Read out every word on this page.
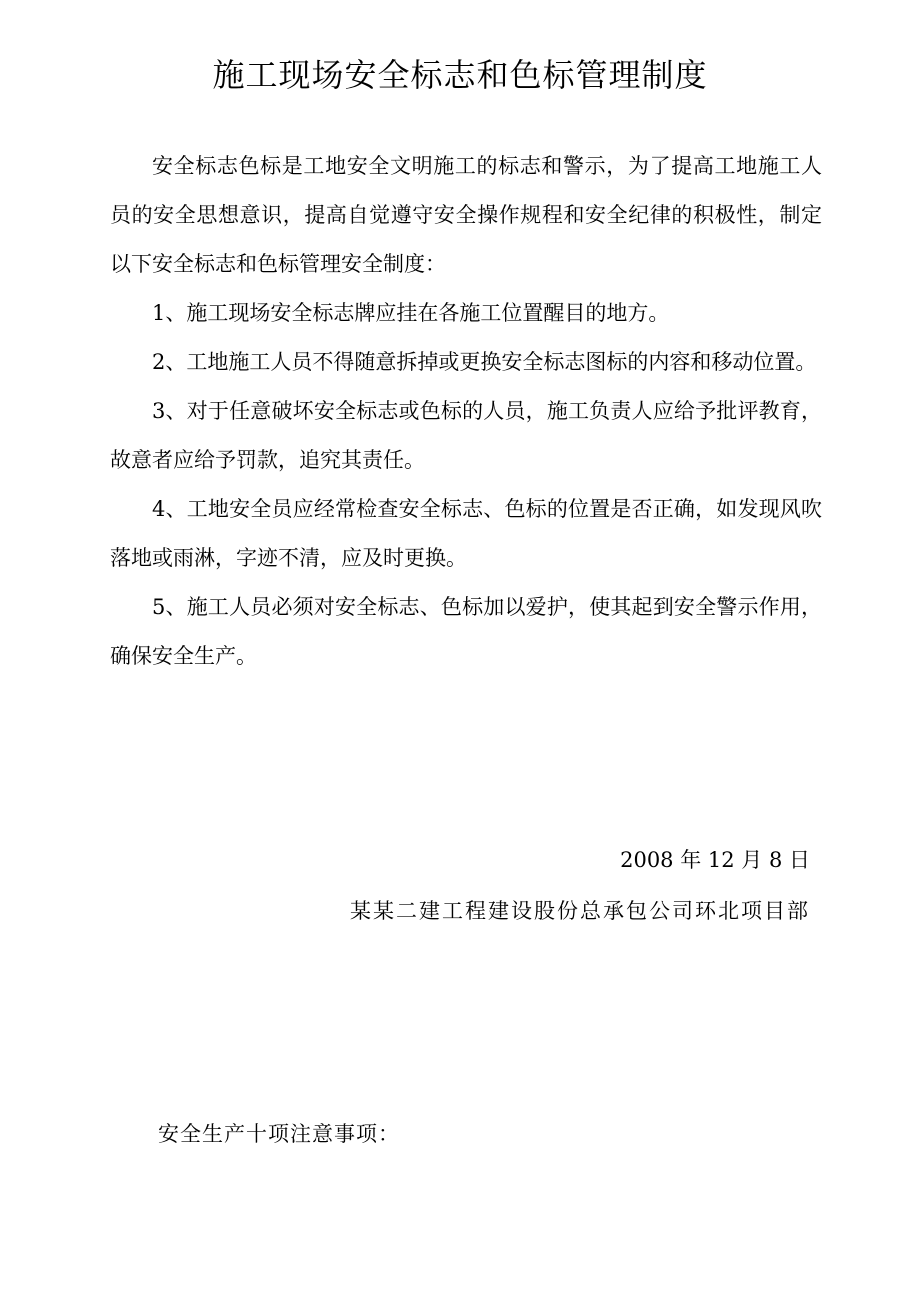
施工现场安全标志和色标管理制度

安全标志色标是工地安全文明施工的标志和警示，为了提高工地施工人员的安全思想意识，提高自觉遵守安全操作规程和安全纪律的积极性，制定以下安全标志和色标管理安全制度：

1、施工现场安全标志牌应挂在各施工位置醒目的地方。

2、工地施工人员不得随意拆掉或更换安全标志图标的内容和移动位置。

3、对于任意破坏安全标志或色标的人员，施工负责人应给予批评教育，故意者应给予罚款，追究其责任。

4、工地安全员应经常检查安全标志、色标的位置是否正确，如发现风吹落地或雨淋，字迹不清，应及时更换。

5、施工人员必须对安全标志、色标加以爱护，使其起到安全警示作用，确保安全生产。

2008 年 12 月 8 日
某某二建工程建设股份总承包公司环北项目部
安全生产十项注意事项：
